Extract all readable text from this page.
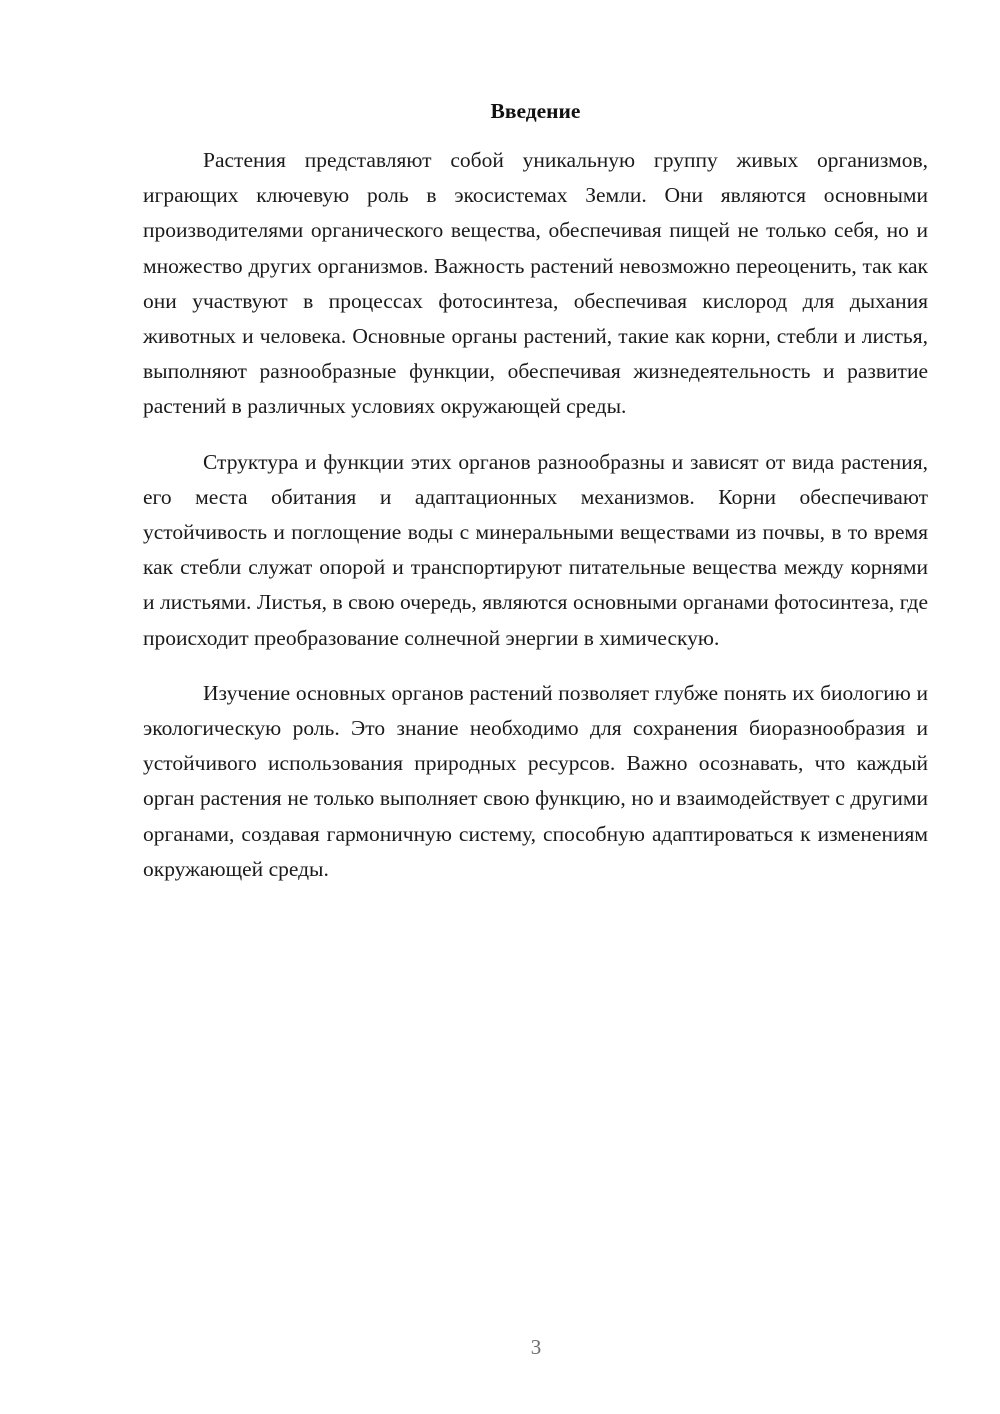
Введение

Растения представляют собой уникальную группу живых организмов, играющих ключевую роль в экосистемах Земли. Они являются основными производителями органического вещества, обеспечивая пищей не только себя, но и множество других организмов. Важность растений невозможно переоценить, так как они участвуют в процессах фотосинтеза, обеспечивая кислород для дыхания животных и человека. Основные органы растений, такие как корни, стебли и листья, выполняют разнообразные функции, обеспечивая жизнедеятельность и развитие растений в различных условиях окружающей среды.

Структура и функции этих органов разнообразны и зависят от вида растения, его места обитания и адаптационных механизмов. Корни обеспечивают устойчивость и поглощение воды с минеральными веществами из почвы, в то время как стебли служат опорой и транспортируют питательные вещества между корнями и листьями. Листья, в свою очередь, являются основными органами фотосинтеза, где происходит преобразование солнечной энергии в химическую.

Изучение основных органов растений позволяет глубже понять их биологию и экологическую роль. Это знание необходимо для сохранения биоразнообразия и устойчивого использования природных ресурсов. Важно осознавать, что каждый орган растения не только выполняет свою функцию, но и взаимодействует с другими органами, создавая гармоничную систему, способную адаптироваться к изменениям окружающей среды.

3
